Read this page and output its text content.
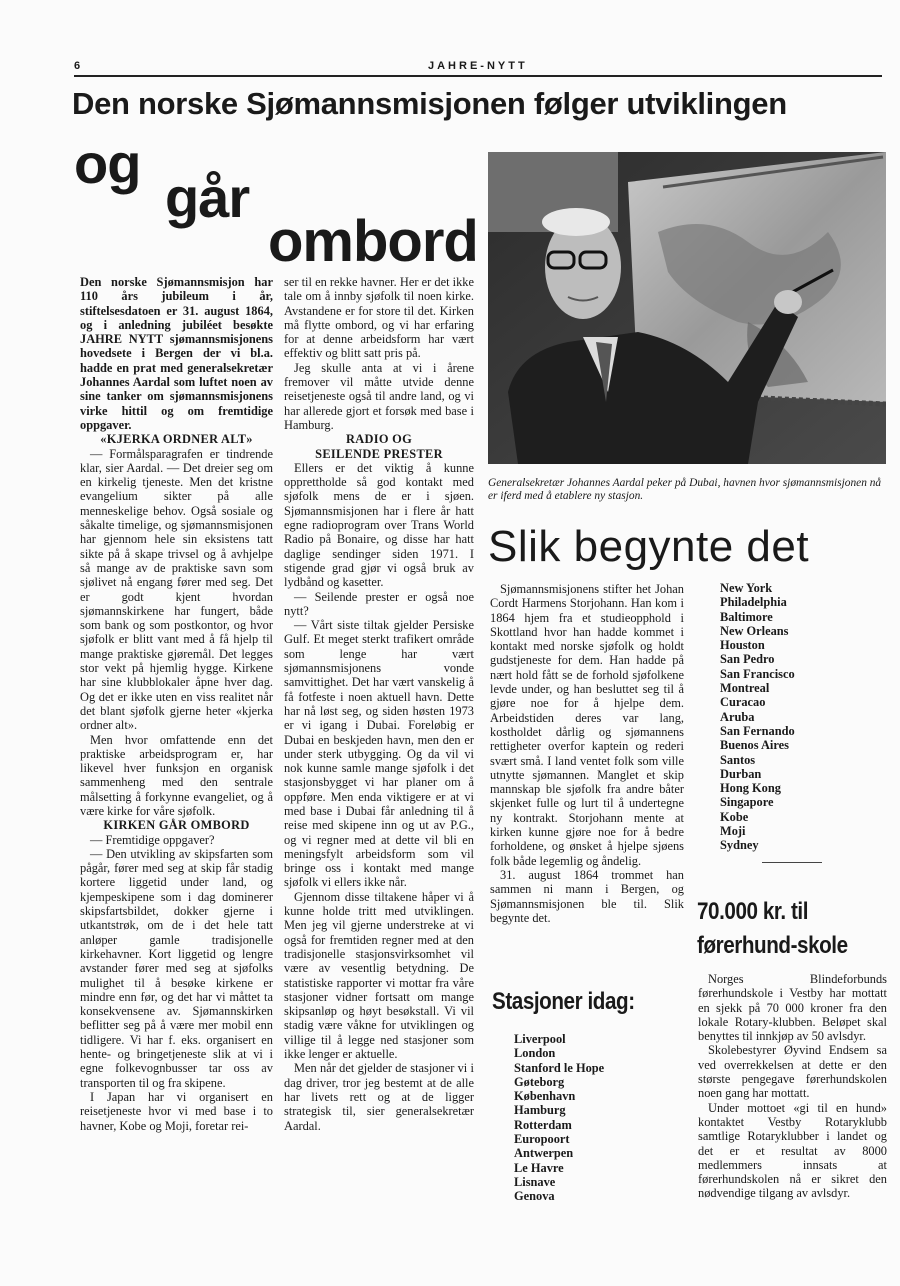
6	JAHRE-NYTT
Den norske Sjømannsmisjonen følger utviklingen
og
går
ombord

Den norske Sjømannsmisjon har 110 års jubileum i år, stiftelsesdatoen er 31. august 1864, og i anledning jubiléet besøkte JAHRE NYTT sjømannsmisjonens hovedsete i Bergen der vi bl.a. hadde en prat med generalsekretær Johannes Aardal som luftet noen av sine tanker om sjømannsmisjonens virke hittil og om fremtidige oppgaver.

«KJERKA ORDNER ALT»

— Formålsparagrafen er tindrende klar, sier Aardal. — Det dreier seg om en kirkelig tjeneste. Men det kristne evangelium sikter på alle menneskelige behov. Også sosiale og såkalte timelige, og sjømannsmisjonen har gjennom hele sin eksistens tatt sikte på å skape trivsel og å avhjelpe så mange av de praktiske savn som sjølivet nå engang fører med seg. Det er godt kjent hvordan sjømannskirkene har fungert, både som bank og som postkontor, og hvor sjøfolk er blitt vant med å få hjelp til mange praktiske gjøremål. Det legges stor vekt på hjemlig hygge. Kirkene har sine klubblokaler åpne hver dag. Og det er ikke uten en viss realitet når det blant sjøfolk gjerne heter «kjerka ordner alt».

Men hvor omfattende enn det praktiske arbeidsprogram er, har likevel hver funksjon en organisk sammenheng med den sentrale målsetting å forkynne evangeliet, og å være kirke for våre sjøfolk.

KIRKEN GÅR OMBORD

— Fremtidige oppgaver?

— Den utvikling av skipsfarten som pågår, fører med seg at skip får stadig kortere liggetid under land, og kjempeskipene som i dag dominerer skipsfartsbildet, dokker gjerne i utkantstrøk, om de i det hele tatt anløper gamle tradisjonelle kirkehavner. Kort liggetid og lengre avstander fører med seg at sjøfolks mulighet til å besøke kirkene er mindre enn før, og det har vi måttet ta konsekvensene av. Sjømannskirken beflitter seg på å være mer mobil enn tidligere. Vi har f. eks. organisert en hente- og bringetjeneste slik at vi i egne folkevognbusser tar oss av transporten til og fra skipene.

I Japan har vi organisert en reisetjeneste hvor vi med base i to havner, Kobe og Moji, foretar rei-

ser til en rekke havner. Her er det ikke tale om å innby sjøfolk til noen kirke. Avstandene er for store til det. Kirken må flytte ombord, og vi har erfaring for at denne arbeidsform har vært effektiv og blitt satt pris på.

Jeg skulle anta at vi i årene fremover vil måtte utvide denne reisetjeneste også til andre land, og vi har allerede gjort et forsøk med base i Hamburg.

RADIO OG
SEILENDE PRESTER

Ellers er det viktig å kunne opprettholde så god kontakt med sjøfolk mens de er i sjøen. Sjømannsmisjonen har i flere år hatt egne radioprogram over Trans World Radio på Bonaire, og disse har hatt daglige sendinger siden 1971. I stigende grad gjør vi også bruk av lydbånd og kasetter.

— Seilende prester er også noe nytt?

— Vårt siste tiltak gjelder Persiske Gulf. Et meget sterkt trafikert område som lenge har vært sjømannsmisjonens vonde samvittighet. Det har vært vanskelig å få fotfeste i noen aktuell havn. Dette har nå løst seg, og siden høsten 1973 er vi igang i Dubai. Foreløbig er Dubai en beskjeden havn, men den er under sterk utbygging. Og da vil vi nok kunne samle mange sjøfolk i det stasjonsbygget vi har planer om å oppføre. Men enda viktigere er at vi med base i Dubai får anledning til å reise med skipene inn og ut av P.G., og vi regner med at dette vil bli en meningsfylt arbeidsform som vil bringe oss i kontakt med mange sjøfolk vi ellers ikke når.

Gjennom disse tiltakene håper vi å kunne holde tritt med utviklingen. Men jeg vil gjerne understreke at vi også for fremtiden regner med at den tradisjonelle stasjonsvirksomhet vil være av vesentlig betydning. De statistiske rapporter vi mottar fra våre stasjoner vidner fortsatt om mange skipsanløp og høyt besøkstall. Vi vil stadig være våkne for utviklingen og villige til å legge ned stasjoner som ikke lenger er aktuelle.

Men når det gjelder de stasjoner vi i dag driver, tror jeg bestemt at de alle har livets rett og at de ligger strategisk til, sier generalsekretær Aardal.

Generalsekretær Johannes Aardal peker på Dubai, havnen hvor sjømannsmisjonen nå er iferd med å etablere ny stasjon.
Slik begynte det

Sjømannsmisjonens stifter het Johan Cordt Harmens Storjohann. Han kom i 1864 hjem fra et studieopphold i Skottland hvor han hadde kommet i kontakt med norske sjøfolk og holdt gudstjeneste for dem. Han hadde på nært hold fått se de forhold sjøfolkene levde under, og han besluttet seg til å gjøre noe for å hjelpe dem. Arbeidstiden deres var lang, kostholdet dårlig og sjømannens rettigheter overfor kaptein og rederi svært små. I land ventet folk som ville utnytte sjømannen. Manglet et skip mannskap ble sjøfolk fra andre båter skjenket fulle og lurt til å undertegne ny kontrakt. Storjohann mente at kirken kunne gjøre noe for å bedre forholdene, og ønsket å hjelpe sjøens folk både legemlig og åndelig.

31. august 1864 trommet han sammen ni mann i Bergen, og Sjømannsmisjonen ble til. Slik begynte det.

New York
Philadelphia
Baltimore
New Orleans
Houston
San Pedro
San Francisco
Montreal
Curacao
Aruba
San Fernando
Buenos Aires
Santos
Durban
Hong Kong
Singapore
Kobe
Moji
Sydney
Stasjoner idag:
Liverpool
London
Stanford le Hope
Gøteborg
København
Hamburg
Rotterdam
Europoort
Antwerpen
Le Havre
Lisnave
Genova
70.000 kr. til
førerhund-skole

Norges Blindeforbunds førerhundskole i Vestby har mottatt en sjekk på 70 000 kroner fra den lokale Rotary-klubben. Beløpet skal benyttes til innkjøp av 50 avlsdyr.

Skolebestyrer Øyvind Endsem sa ved overrekkelsen at dette er den største pengegave førerhundskolen noen gang har mottatt.

Under mottoet «gi til en hund» kontaktet Vestby Rotaryklubb samtlige Rotaryklubber i landet og det er et resultat av 8000 medlemmers innsats at førerhundskolen nå er sikret den nødvendige tilgang av avlsdyr.
